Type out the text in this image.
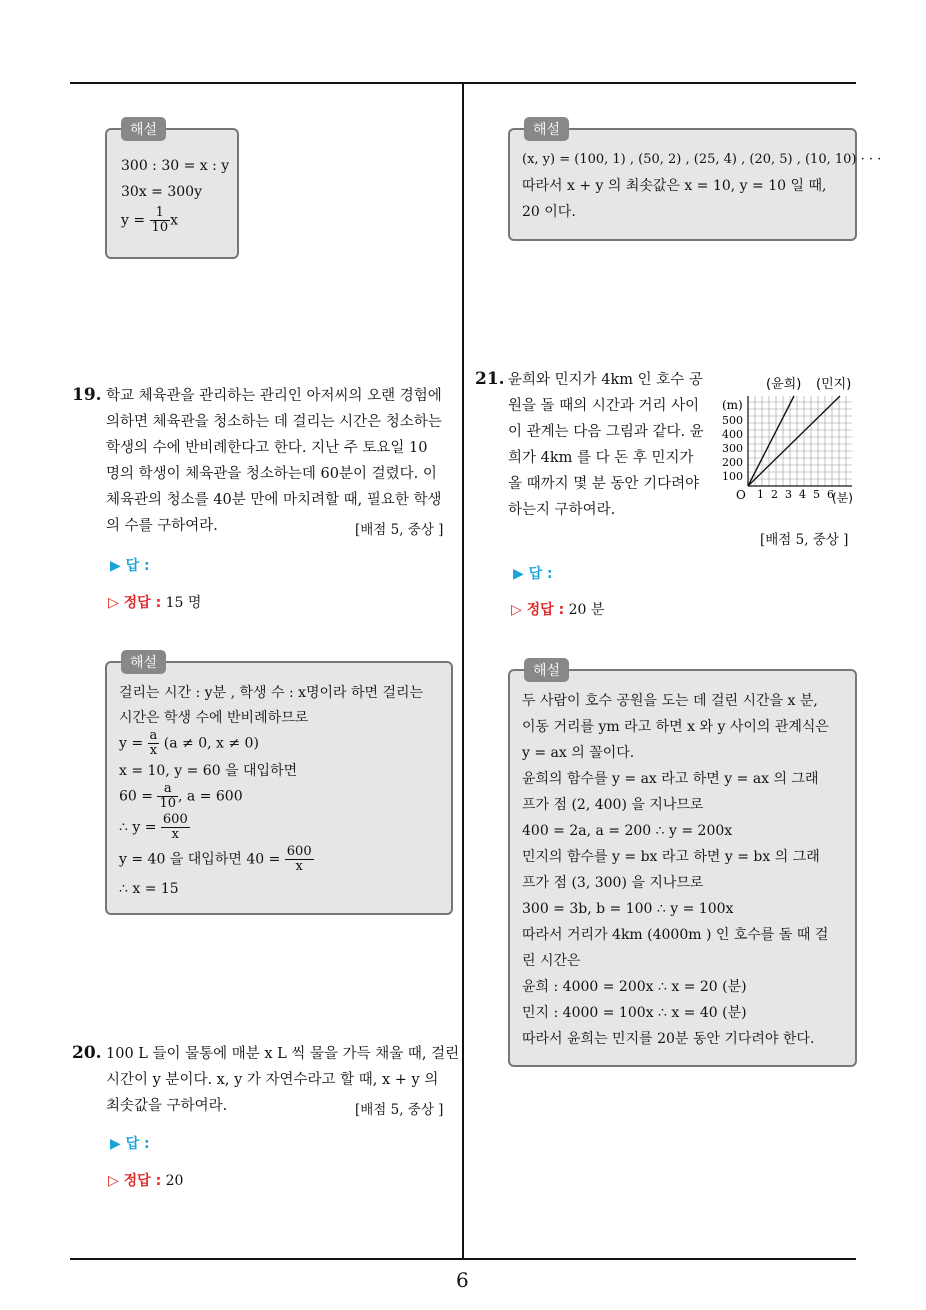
6
해설
300 : 30 = x : y
30x = 300y
$y = \frac{1}{10}$ x
19. 학교 체육관을 관리하는 관리인 아저씨의 오랜 경험에
의하면 체육관을 청소하는 데 걸리는 시간은 청소하는
학생의 수에 반비례한다고 한다. 지난 주 토요일 10
명의 학생이 체육관을 청소하는데 60분이 걸렸다. 이
체육관의 청소를 40분 만에 마치려할 때, 필요한 학생
의 수를 구하여라.	[배점 5, 중상 ]
▶ 답 :
▷ 정답 : 15 명
해설
걸리는 시간 : y분 , 학생 수 : x명이라 하면 걸리는
시간은 학생 수에 반비례하므로
$y = \frac{a}{x} (a \ne 0$, x ≠ 0)
x = 10, y = 60 을 대입하면
$60 = \frac{a}{10}$ , a = 600
∴ $y = \frac{600}{x}$
y = 40 을 대입하면 $40 = \frac{600}{x}$
∴ x = 15
20. 100 L 들이 물통에 매분 x L 씩 물을 가득 채울 때, 걸린
시간이 y 분이다. x, y 가 자연수라고 할 때, x + y 의
최솟값을 구하여라.	[배점 5, 중상 ]
▶ 답 :
▷ 정답 : 20
해설
(x, y) = (100, 1) , (50, 2) , (25, 4) , (20, 5) , (10, 10) · · ·
따라서 x + y 의 최솟값은 x = 10, y = 10 일 때,
20 이다.
21. 윤희와 민지가 4km 인 호수 공
원을 돌 때의 시간과 거리 사이
이 관계는 다음 그림과 같다. 윤
희가 4km 를 다 돈 후 민지가
올 때까지 몇 분 동안 기다려야
하는지 구하여라.
(윤희) (민지)
(m)
O	(분)
100
200
300
400
500
1 2 3 4 5 6
[배점 5, 중상 ]
▶ 답 :
▷ 정답 : 20 분
해설
두 사람이 호수 공원을 도는 데 걸린 시간을 x 분,
이동 거리를 ym 라고 하면 x 와 y 사이의 관계식은
y = ax 의 꼴이다.
윤희의 함수를 y = ax 라고 하면 y = ax 의 그래
프가 점 (2, 400) 을 지나므로
400 = 2a, a = 200 ∴ y = 200x
민지의 함수를 y = bx 라고 하면 y = bx 의 그래
프가 점 (3, 300) 을 지나므로
300 = 3b, b = 100 ∴ y = 100x
따라서 거리가 4km (4000m ) 인 호수를 돌 때 걸
린 시간은
윤희 : 4000 = 200x ∴ x = 20 (분)
민지 : 4000 = 100x ∴ x = 40 (분)
따라서 윤희는 민지를 20분 동안 기다려야 한다.
